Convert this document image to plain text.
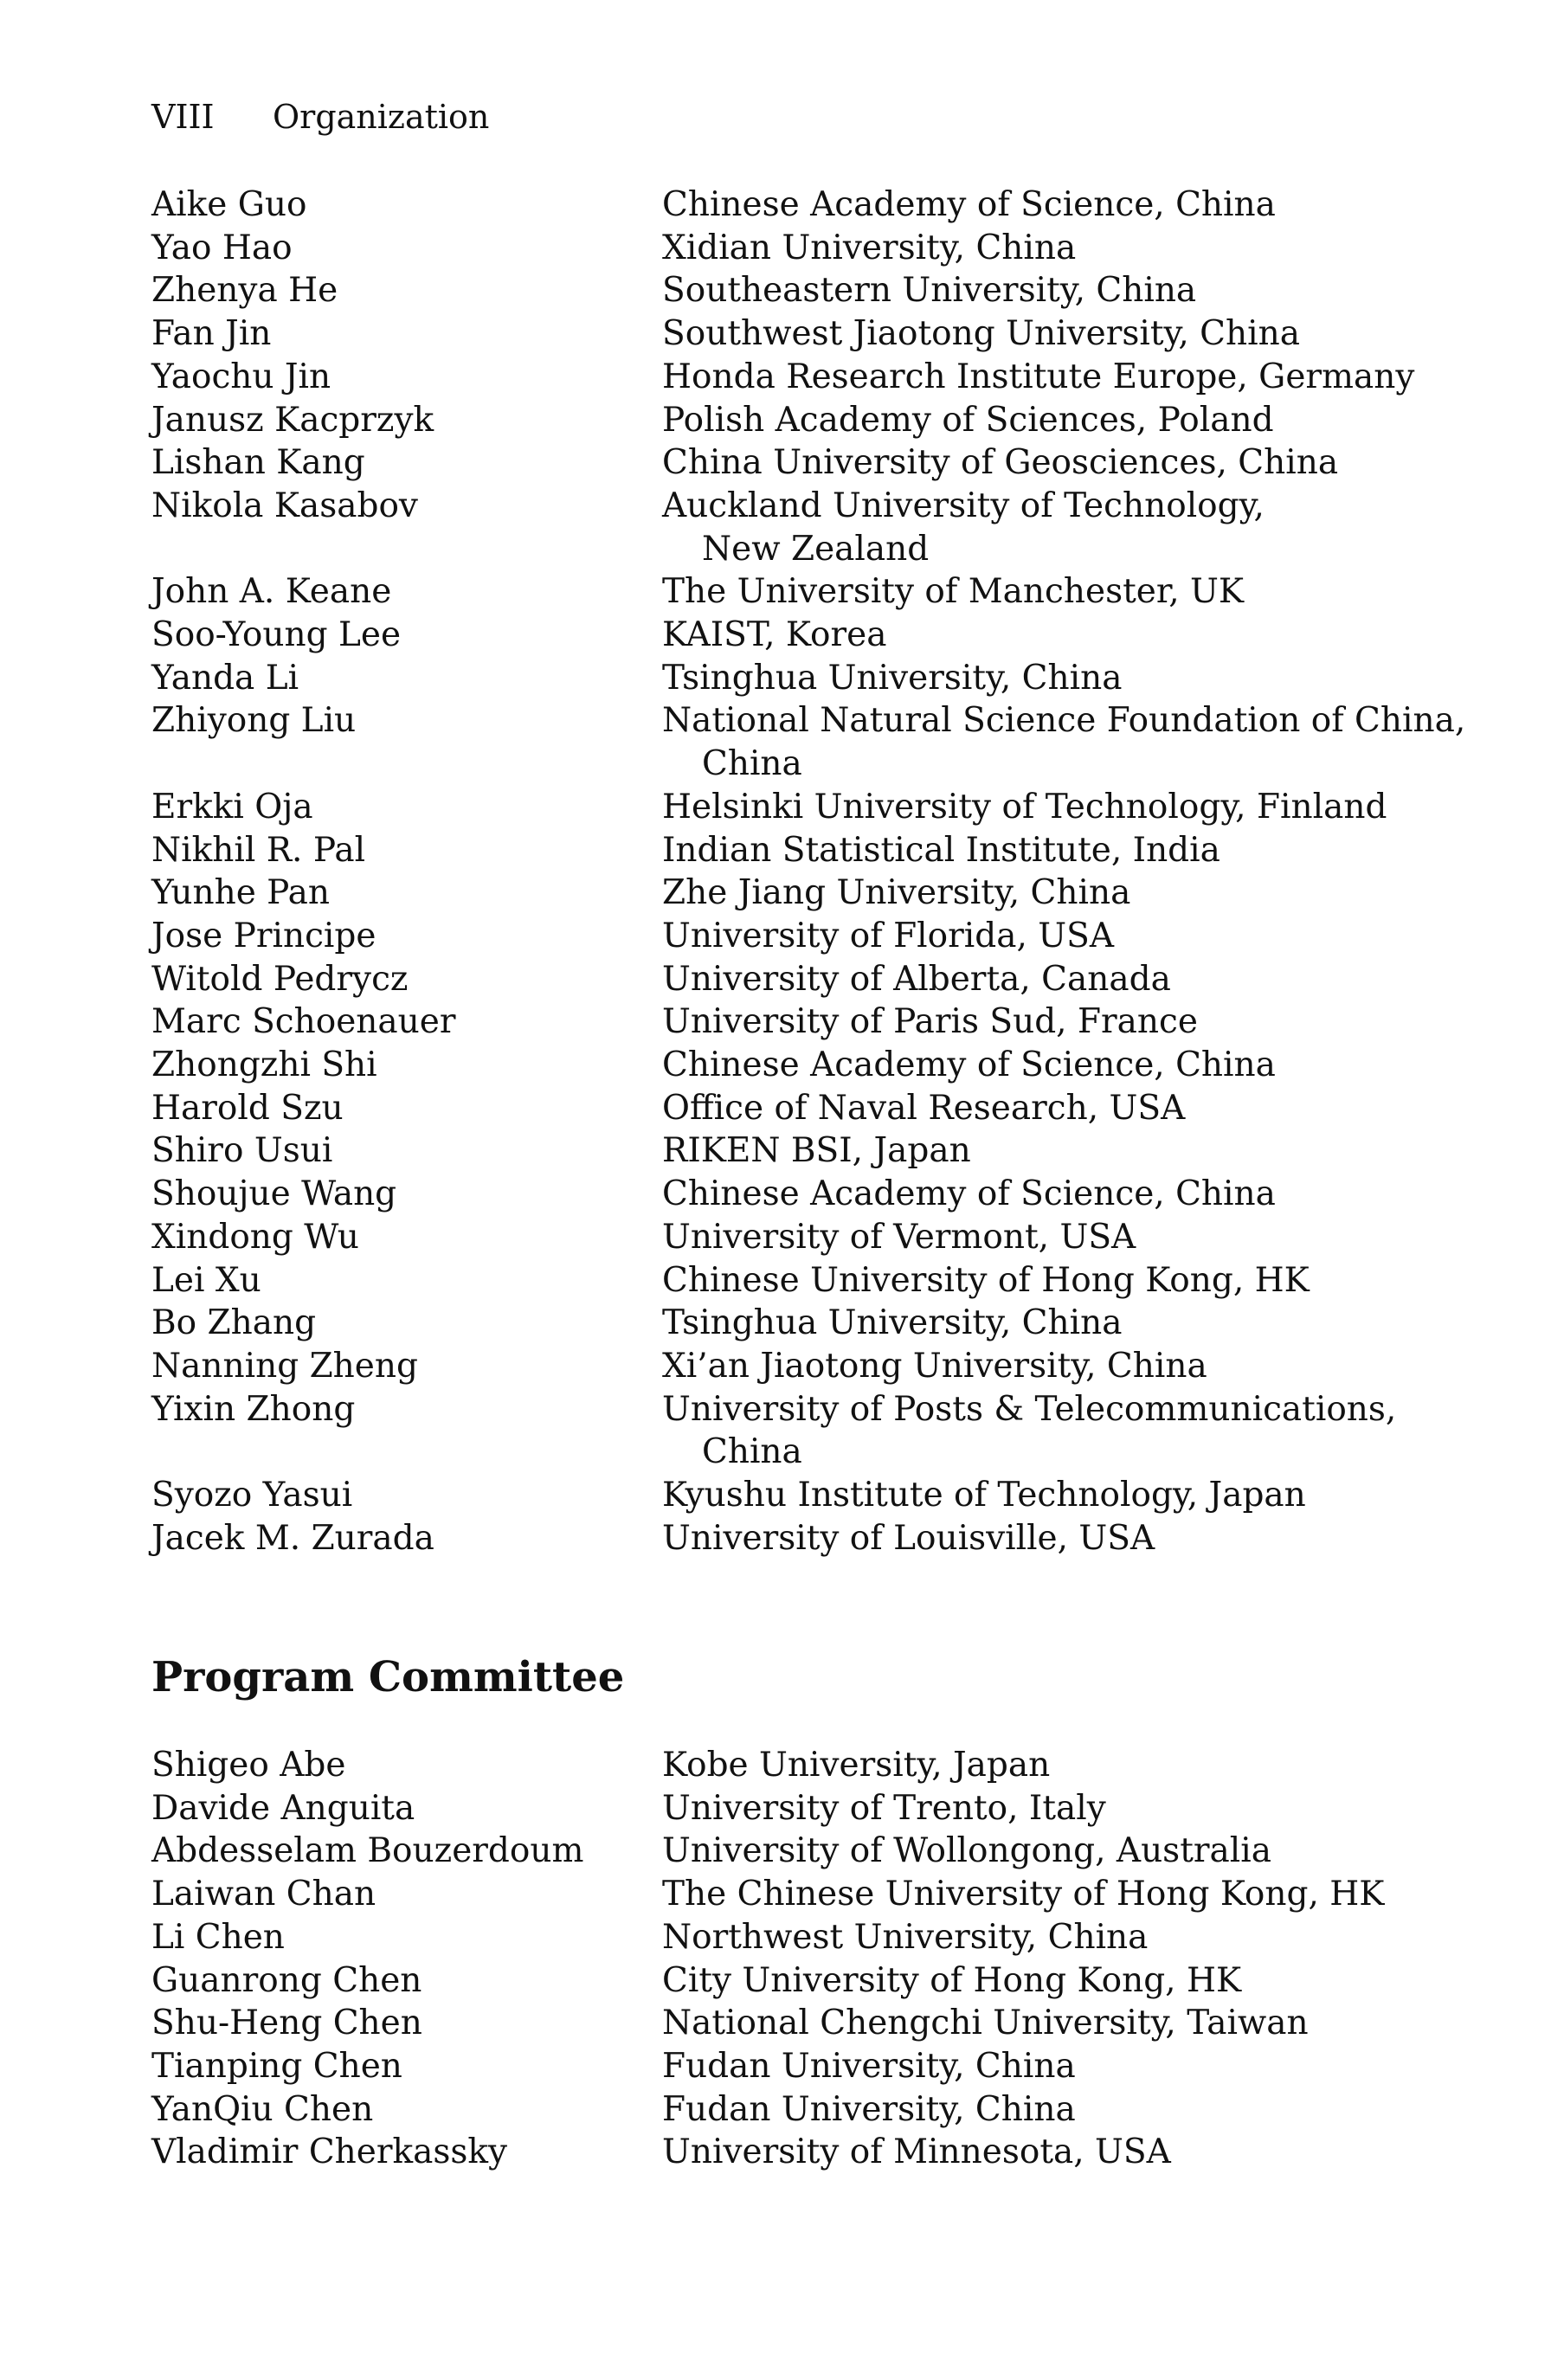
VIII Organization
Aike Guo	Chinese Academy of Science, China
Yao Hao	Xidian University, China
Zhenya He	Southeastern University, China
Fan Jin	Southwest Jiaotong University, China
Yaochu Jin	Honda Research Institute Europe, Germany
Janusz Kacprzyk	Polish Academy of Sciences, Poland
Lishan Kang	China University of Geosciences, China
Nikola Kasabov	Auckland University of Technology,
New Zealand
John A. Keane	The University of Manchester, UK
Soo-Young Lee	KAIST, Korea
Yanda Li	Tsinghua University, China
Zhiyong Liu	National Natural Science Foundation of China,
China
Erkki Oja	Helsinki University of Technology, Finland
Nikhil R. Pal	Indian Statistical Institute, India
Yunhe Pan	Zhe Jiang University, China
Jose Principe	University of Florida, USA
Witold Pedrycz	University of Alberta, Canada
Marc Schoenauer	University of Paris Sud, France
Zhongzhi Shi	Chinese Academy of Science, China
Harold Szu	Office of Naval Research, USA
Shiro Usui	RIKEN BSI, Japan
Shoujue Wang	Chinese Academy of Science, China
Xindong Wu	University of Vermont, USA
Lei Xu	Chinese University of Hong Kong, HK
Bo Zhang	Tsinghua University, China
Nanning Zheng	Xi’an Jiaotong University, China
Yixin Zhong	University of Posts & Telecommunications,
China
Syozo Yasui	Kyushu Institute of Technology, Japan
Jacek M. Zurada	University of Louisville, USA
Program Committee
Shigeo Abe	Kobe University, Japan
Davide Anguita	University of Trento, Italy
Abdesselam Bouzerdoum	University of Wollongong, Australia
Laiwan Chan	The Chinese University of Hong Kong, HK
Li Chen	Northwest University, China
Guanrong Chen	City University of Hong Kong, HK
Shu-Heng Chen	National Chengchi University, Taiwan
Tianping Chen	Fudan University, China
YanQiu Chen	Fudan University, China
Vladimir Cherkassky	University of Minnesota, USA
